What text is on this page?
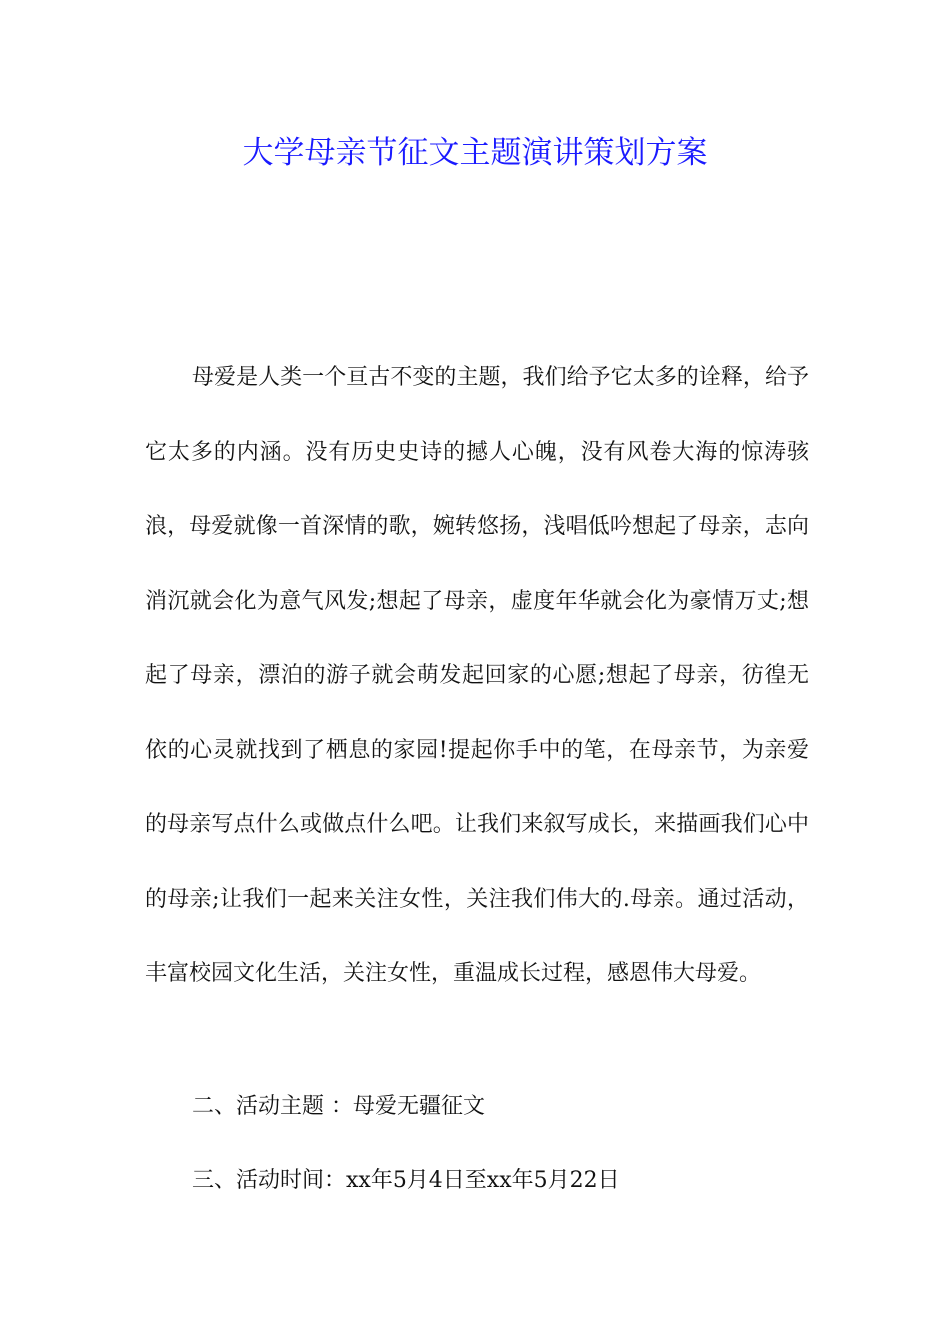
大学母亲节征文主题演讲策划方案

母爱是人类一个亘古不变的主题，我们给予它太多的诠释，给予它太多的内涵。没有历史史诗的撼人心魄，没有风卷大海的惊涛骇浪，母爱就像一首深情的歌，婉转悠扬，浅唱低吟想起了母亲，志向消沉就会化为意气风发;想起了母亲，虚度年华就会化为豪情万丈;想起了母亲，漂泊的游子就会萌发起回家的心愿;想起了母亲，彷徨无依的心灵就找到了栖息的家园!提起你手中的笔，在母亲节，为亲爱的母亲写点什么或做点什么吧。让我们来叙写成长，来描画我们心中的母亲;让我们一起来关注女性，关注我们伟大的.母亲。通过活动，丰富校园文化生活，关注女性，重温成长过程，感恩伟大母爱。

二、活动主题 ：母爱无疆征文

三、活动时间：xx年5月4日至xx年5月22日
